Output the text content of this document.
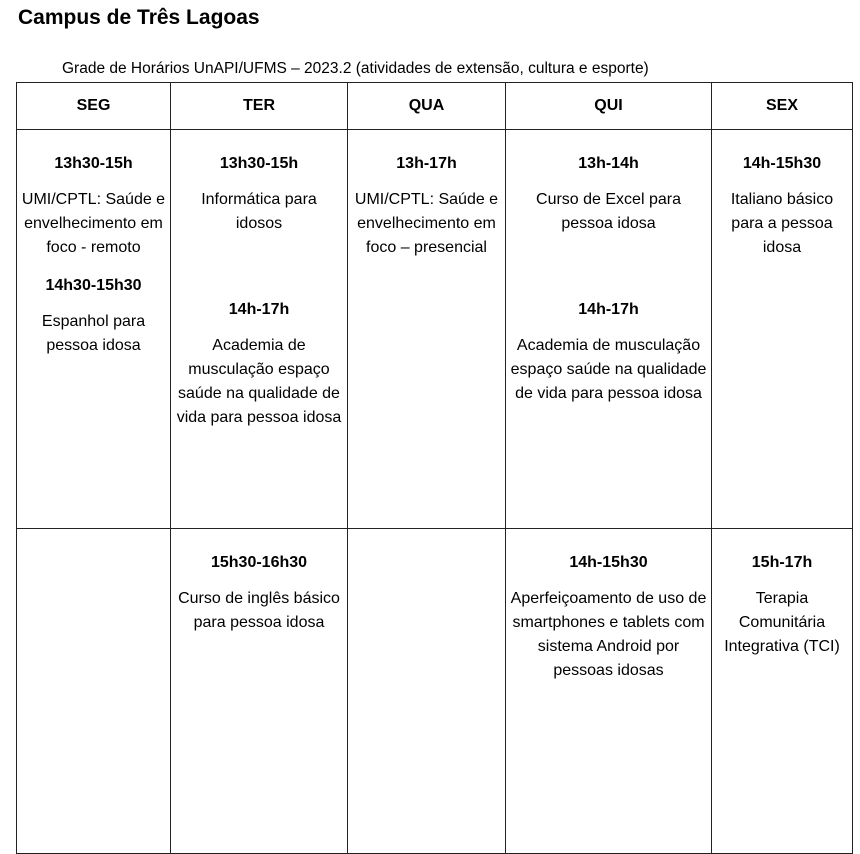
Campus de Três Lagoas
Grade de Horários UnAPI/UFMS – 2023.2 (atividades de extensão, cultura e esporte)
SEG	TER	QUA	QUI	SEX

13h30-15h
UMI/CPTL: Saúde e envelhecimento em foco - remoto
14h30-15h30
Espanhol para pessoa idosa	13h30-15h
Informática para idosos
14h-17h
Academia de musculação espaço saúde na qualidade de vida para pessoa idosa	13h-17h
UMI/CPTL: Saúde e envelhecimento em foco – presencial	13h-14h
Curso de Excel para pessoa idosa
14h-17h
Academia de musculação espaço saúde na qualidade de vida para pessoa idosa	14h-15h30
Italiano básico para a pessoa idosa

	15h30-16h30
Curso de inglês básico para pessoa idosa		14h-15h30
Aperfeiçoamento de uso de smartphones e tablets com sistema Android por pessoas idosas	15h-17h
Terapia Comunitária Integrativa (TCI)
